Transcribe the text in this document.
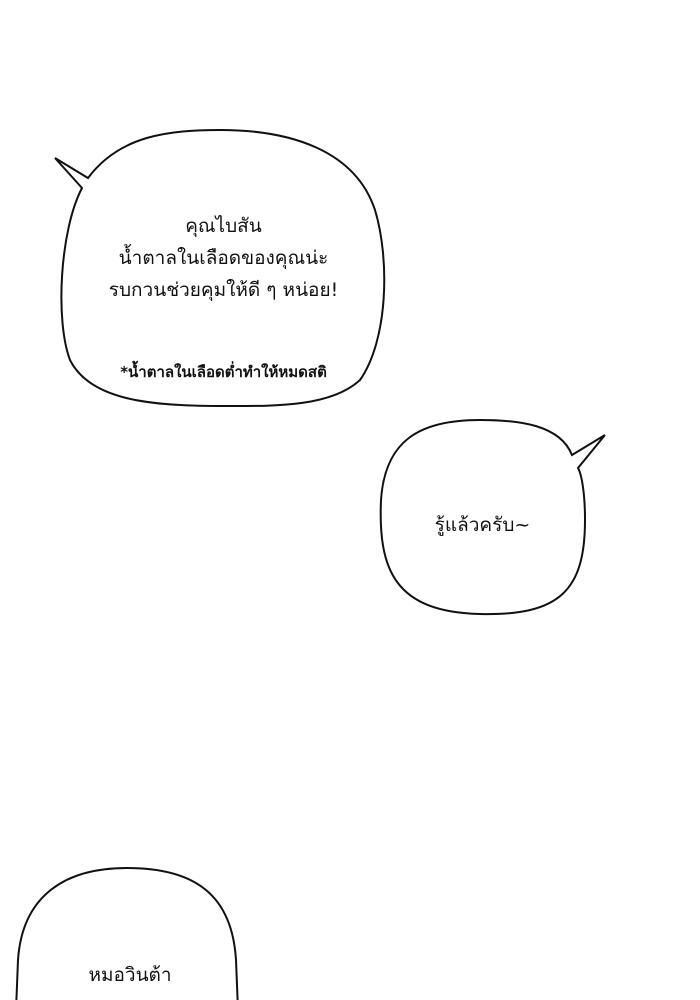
คุณไบสัน
น้ำตาลในเลือดของคุณน่ะ
รบกวนช่วยคุมให้ดี ๆ หน่อย!
*น้ำตาลในเลือดต่ำทำให้หมดสติ
รู้แล้วครับ~
หมอวินต้า
